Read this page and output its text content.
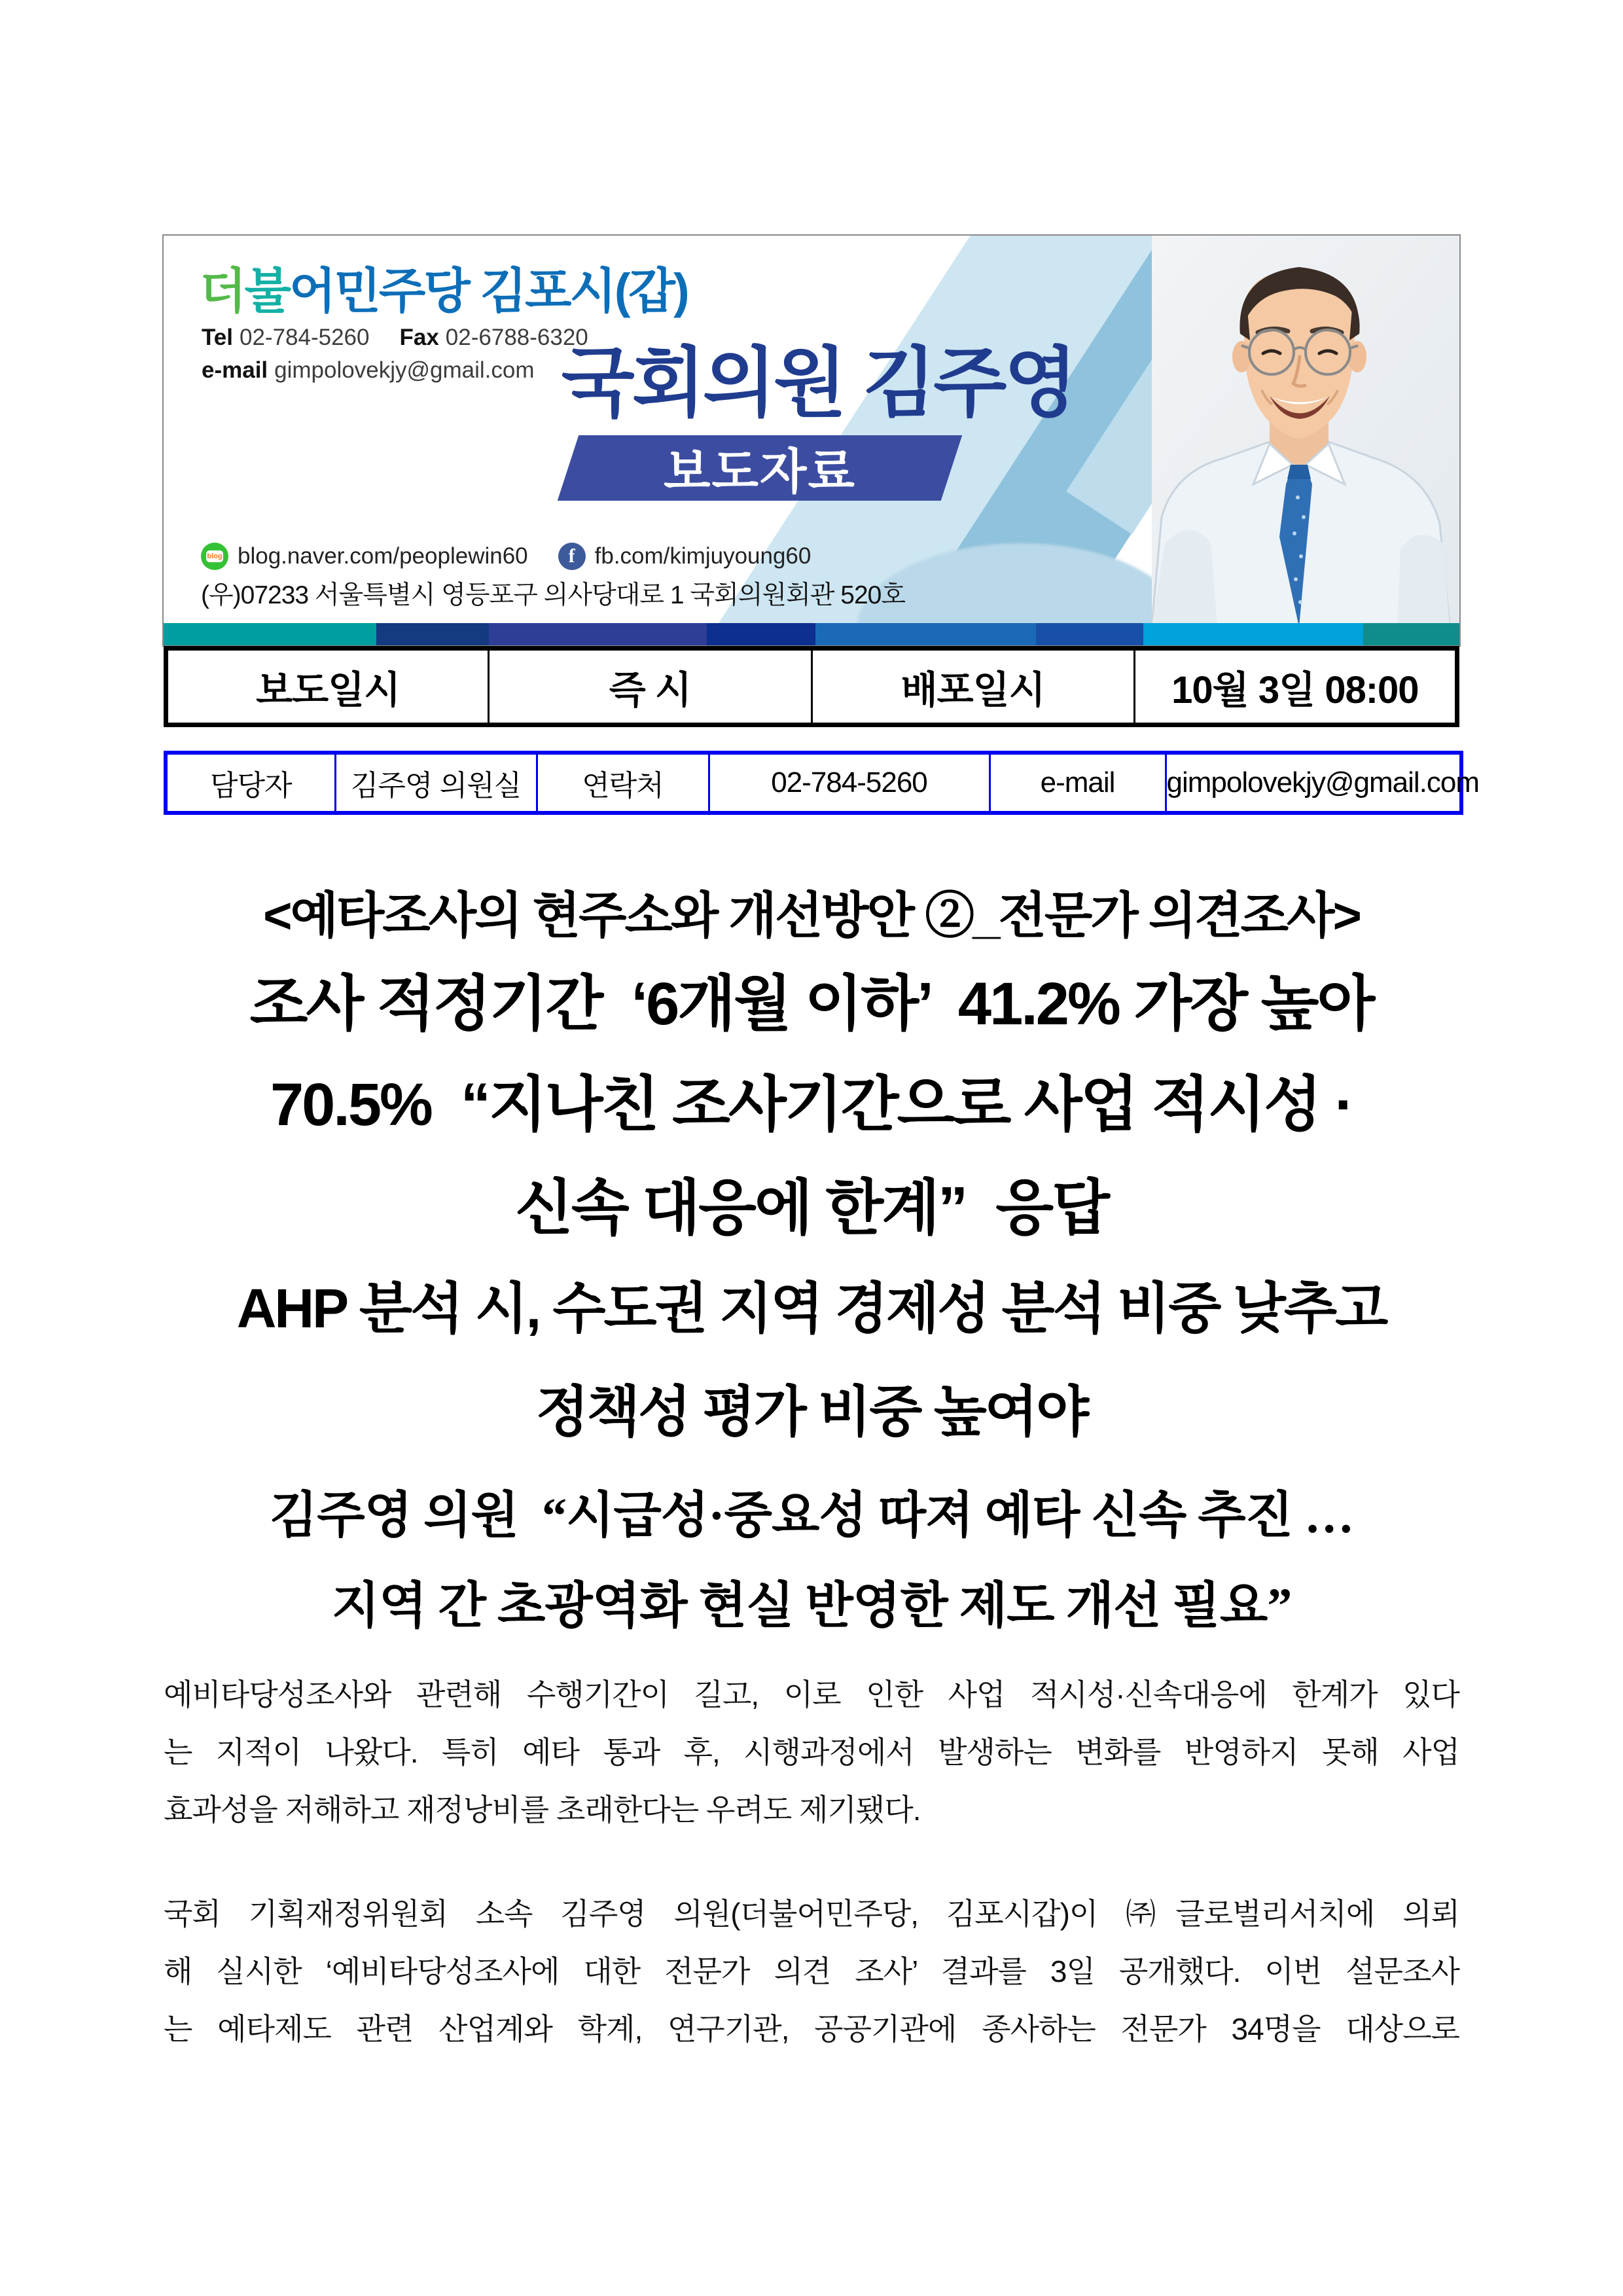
더불어민주당 김포시(갑)
Tel 02-784-5260 Fax 02-6788-6320
e-mail gimpolovekjy@gmail.com 국회의원 김주영
보도자료
blog blog.naver.com/peoplewin60 f fb.com/kimjuyoung60
(우)07233 서울특별시 영등포구 의사당대로 1 국회의원회관 520호
보도일시	즉 시	배포일시	10월 3일 08:00
담당자	김주영 의원실	연락처	02-784-5260	e-mail	gimpolovekjy@gmail.com
<예타조사의 현주소와 개선방안 ②_전문가 의견조사>
조사 적정기간  ‘6개월 이하’  41.2% 가장 높아
70.5%  “지나친 조사기간으로 사업 적시성 ·
신속 대응에 한계”  응답
AHP 분석 시, 수도권 지역 경제성 분석 비중 낮추고
정책성 평가 비중 높여야
김주영 의원  “시급성·중요성 따져 예타 신속 추진 …
지역 간 초광역화 현실 반영한 제도 개선 필요”
예비타당성조사와 관련해 수행기간이 길고, 이로 인한 사업 적시성·신속대응에 한계가 있다
는 지적이 나왔다. 특히 예타 통과 후, 시행과정에서 발생하는 변화를 반영하지 못해 사업
효과성을 저해하고 재정낭비를 초래한다는 우려도 제기됐다.
국회 기획재정위원회 소속 김주영 의원(더불어민주당, 김포시갑)이 ㈜글로벌리서치에 의뢰
해 실시한 ‘예비타당성조사에 대한 전문가 의견 조사’ 결과를 3일 공개했다. 이번 설문조사
는 예타제도 관련 산업계와 학계, 연구기관, 공공기관에 종사하는 전문가 34명을 대상으로
